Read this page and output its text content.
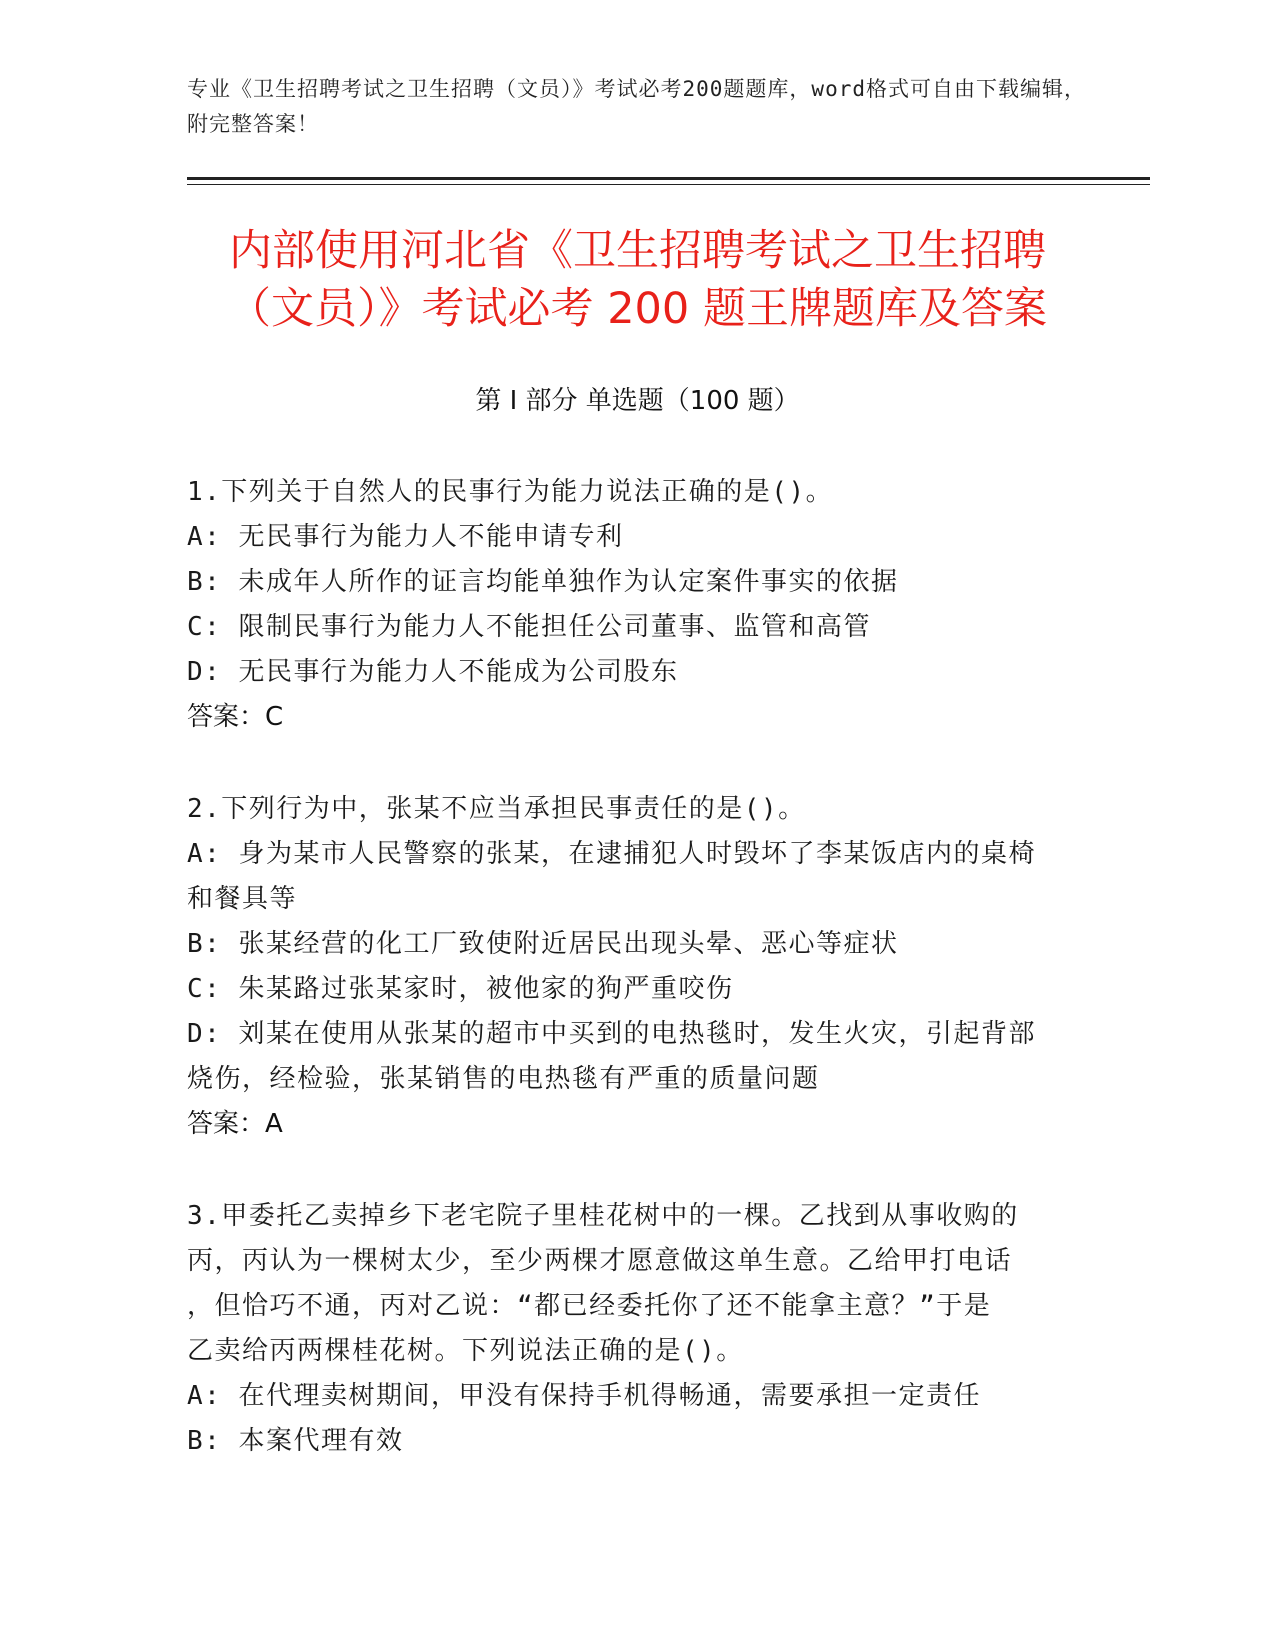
专业《卫生招聘考试之卫生招聘（文员）》考试必考200题题库，word格式可自由下载编辑，附完整答案！
内部使用河北省《卫生招聘考试之卫生招聘
（文员）》考试必考 200 题王牌题库及答案
第 I 部分 单选题（100 题）
1.下列关于自然人的民事行为能力说法正确的是()。
A: 无民事行为能力人不能申请专利
B: 未成年人所作的证言均能单独作为认定案件事实的依据
C: 限制民事行为能力人不能担任公司董事、监管和高管
D: 无民事行为能力人不能成为公司股东
答案：C
2.下列行为中，张某不应当承担民事责任的是()。
A: 身为某市人民警察的张某，在逮捕犯人时毁坏了李某饭店内的桌椅
和餐具等
B: 张某经营的化工厂致使附近居民出现头晕、恶心等症状
C: 朱某路过张某家时，被他家的狗严重咬伤
D: 刘某在使用从张某的超市中买到的电热毯时，发生火灾，引起背部
烧伤，经检验，张某销售的电热毯有严重的质量问题
答案：A
3.甲委托乙卖掉乡下老宅院子里桂花树中的一棵。乙找到从事收购的
丙，丙认为一棵树太少，至少两棵才愿意做这单生意。乙给甲打电话
，但恰巧不通，丙对乙说：“都已经委托你了还不能拿主意？”于是
乙卖给丙两棵桂花树。下列说法正确的是()。
A: 在代理卖树期间，甲没有保持手机得畅通，需要承担一定责任
B: 本案代理有效
